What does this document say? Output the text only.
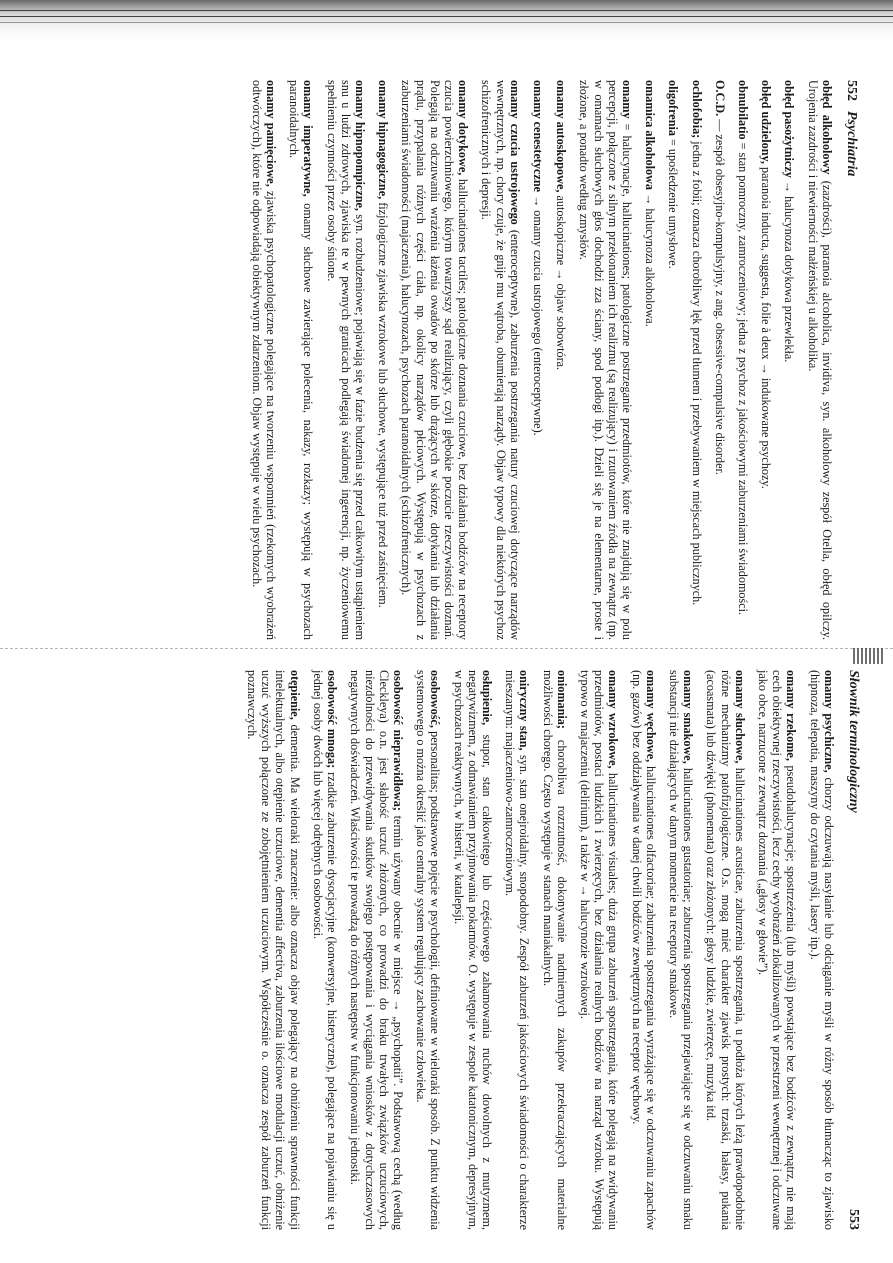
552
Psychiatria

obłęd alkoholowy (zazdrości), paranoia alcoholica, invidiva, syn. alkoholowy zespół Otella, obłęd opilczy. Urojenia zazdrości i niewierności małżeńskiej u alkoholika.

obłęd pasożytniczy → halucynoza dotykowa przewlekła.

obłęd udzielony, paranoia inducta, suggesta, folie à deux → indukowane psychozy.

obnubilatio = stan pomroczny, zamroczeniowy; jedna z psychoz z jakościowymi zaburzeniami świadomości.

O.C.D. — zespół obsesyjno-kompulsyjny, z ang. obsessive-compulsive disorder.

ochlofobia; jedna z fobii; oznacza chorobliwy lęk przed tłumem i przebywaniem w miejscach publicznych.

oligofrenia = upośledzenie umysłowe.

omamica alkoholowa → halucynoza alkoholowa.

omamy = halucynacje, hallucinationes; patologiczne postrzeganie przedmiotów, które nie znajdują się w polu percepcji, połączone z silnym przekonaniem ich realizmu (są realizujący) i rzutowaniem źródła na zewnątrz (np. w omamach słuchowych głos dochodzi zza ściany, spod podłogi itp.). Dzieli się je na elementarne, proste i złożone, a ponadto według zmysłów.

omamy autoskopowe, autoskopiczne → objaw sobowtóra.

omamy cenestetyczne → omamy czucia ustrojowego (enteroceptywne).

omamy czucia ustrojowego (enteroceptywne), zaburzenia postrzegania natury czuciowej dotyczące narządów wewnętrznych, np. chory czuje, że gnije mu wątroba, obumierają narządy. Objaw typowy dla niektórych psychoz schizofrenicznych i depresji.

omamy dotykowe, hallucinationes tactiles; patologiczne doznania czuciowe, bez działania bodźców na receptory czucia powierzchniowego, którym towarzyszy sąd realizujący, czyli głębokie poczucie rzeczywistości doznań. Polegają na odczuwaniu wrażenia łażenia owadów po skórze lub drążących w skórze, dotykania lub działania prądu, przypalania różnych części ciała, np. okolicy narządów płciowych. Występują w psychozach z zaburzeniami świadomości (majaczenia), halucynozach, psychozach paranoidalnych (schizofrenicznych).

omamy hipnagogiczne, fizjologiczne zjawiska wzrokowe lub słuchowe, występujące tuż przed zaśnięciem.

omamy hipnopompiczne, syn. rozbudzeniowe; pojawiają się w fazie budzenia się przed całkowitym ustąpieniem snu u ludzi zdrowych, zjawiska te w pewnych granicach podlegają świadomej ingerencji, np. życzeniowemu spełnieniu czynności przez osoby śnione.

omamy imperatywne, omamy słuchowe zawierające polecenia, nakazy, rozkazy; występują w psychozach paranoidalnych.

omamy pamięciowe, zjawiska psychopatologiczne polegające na tworzeniu wspomnień (rzekomych wyobrażeń odtwórczych), które nie odpowiadają obiektywnym zdarzeniom. Objaw występuje w wielu psychozach.

Słownik terminologiczny
553

omamy psychiczne, chorzy odczuwają nasyłanie lub odciąganie myśli w różny sposób tłumacząc to zjawisko (hipnoza, telepatia, maszyny do czytania myśli, lasery itp.).

omamy rzekome, pseudohalucynacje; spostrzeżenia (lub myśli) powstające bez bodźców z zewnątrz, nie mają cech obiektywnej rzeczywistości, lecz cechy wyobrażeń zlokalizowanych w przestrzeni wewnętrznej i odczuwane jako obce, narzucone z zewnątrz doznania („głosy w głowie”).

omamy słuchowe, hallucinationes acusticae, zaburzenia spostrzegania, u podłoża których leżą prawdopodobnie różne mechanizmy patofizjologiczne. O.s. mogą mieć charakter zjawisk prostych: trzaski, hałasy, pukania (acoasmata) lub dźwięki (phonemata) oraz złożonych: głosy ludzkie, zwierzęce, muzyka itd.

omamy smakowe, hallucinationes gustatoriae; zaburzenia spostrzegania przejawiające się w odczuwaniu smaku substancji nie działających w danym momencie na receptory smakowe.

omamy węchowe, hallucinationes olfactoriae; zaburzenia spostrzegania wyrażające się w odczuwaniu zapachów (np. gazów) bez oddziaływania w danej chwili bodźców zewnętrznych na receptor węchowy.

omamy wzrokowe, hallucinationes visuales; duża grupa zaburzeń spostrzegania, które polegają na zwidywaniu przedmiotów, postaci ludzkich i zwierzęcych, bez działania realnych bodźców na narząd wzroku. Występują typowo w majaczeniu (delirium), a także w → halucynozie wzrokowej.

oniomania; chorobliwa rozrzutność, dokonywanie nadmiernych zakupów przekraczających materialne możliwości chorego. Często występuje w stanach maniakalnych.

oniryczny stan, syn. stan onejroidalny, snopodobny. Zespół zaburzeń jakościowych świadomości o charakterze mieszanym: majaczeniowo-zamroczeniowym.

osłupienie, stupor, stan całkowitego lub częściowego zahamowania ruchów dowolnych z mutyzmem, negatywizmem, z odmawianiem przyjmowania pokarmów. O. występuje w zespole katatonicznym, depresyjnym, w psychozach reaktywnych, w histerii, w katalepsji.

osobowość, personalitas; podstawowe pojęcie w psychologii, definiowane w wieloraki sposób. Z punktu widzenia systemowego o można określić jako centralny system regulujący zachowanie człowieka.

osobowość nieprawidłowa; termin używany obecnie w miejsce → „psychopatii”. Podstawową cechą (według Cleckleya) o.n. jest słabość uczuć złożonych, co prowadzi do braku trwałych związków uczuciowych, niezdolności do przewidywania skutków swojego postępowania i wyciągania wniosków z dotychczasowych negatywnych doświadczeń. Właściwości te prowadzą do różnych następstw w funkcjonowaniu jednostki.

osobowość mnoga; rzadkie zaburzenie dysocjacyjne (konwersyjne, histeryczne), polegające na pojawianiu się u jednej osoby dwóch lub więcej odrębnych osobowości.

otępienie, dementia. Ma wieloraki znaczenie: albo oznacza objaw polegający na obniżeniu sprawności funkcji intelektualnych, albo otępienie uczuciowe, dementia affectiva, zaburzenia ilościowe modulacji uczuć, obniżenie uczuć wyższych połączone ze zobojętnieniem uczuciowym. Współcześnie o. oznacza zespół zaburzeń funkcji poznawczych.
